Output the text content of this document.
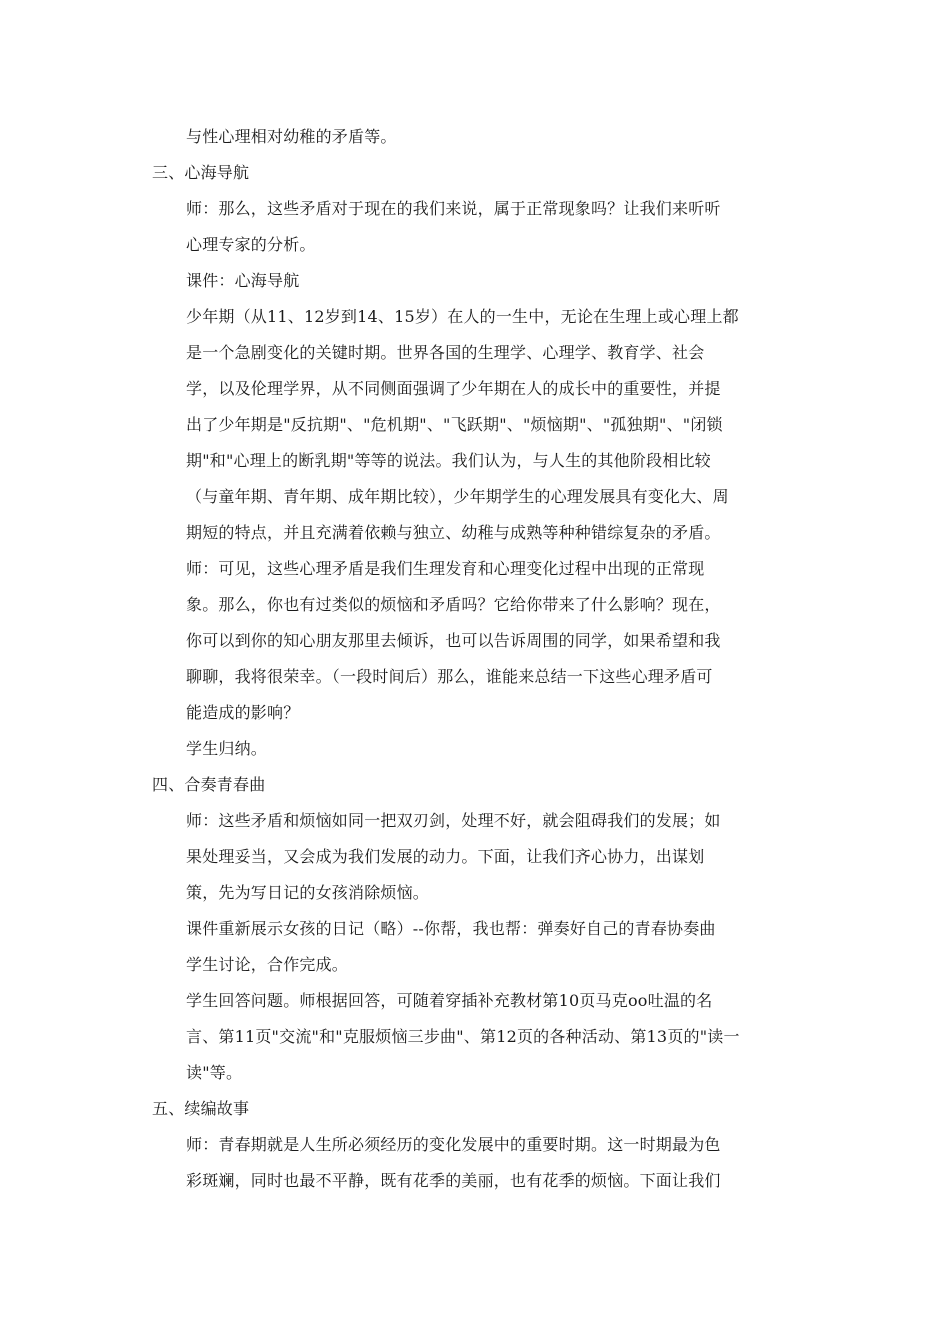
与性心理相对幼稚的矛盾等。
三、心海导航
师：那么，这些矛盾对于现在的我们来说，属于正常现象吗？让我们来听听
心理专家的分析。
课件：心海导航
少年期（从11、12岁到14、15岁）在人的一生中，无论在生理上或心理上都
是一个急剧变化的关键时期。世界各国的生理学、心理学、教育学、社会
学，以及伦理学界，从不同侧面强调了少年期在人的成长中的重要性，并提
出了少年期是"反抗期"、"危机期"、"飞跃期"、"烦恼期"、"孤独期"、"闭锁
期"和"心理上的断乳期"等等的说法。我们认为，与人生的其他阶段相比较
（与童年期、青年期、成年期比较），少年期学生的心理发展具有变化大、周
期短的特点，并且充满着依赖与独立、幼稚与成熟等种种错综复杂的矛盾。
师：可见，这些心理矛盾是我们生理发育和心理变化过程中出现的正常现
象。那么，你也有过类似的烦恼和矛盾吗？它给你带来了什么影响？现在，
你可以到你的知心朋友那里去倾诉，也可以告诉周围的同学，如果希望和我
聊聊，我将很荣幸。（一段时间后）那么，谁能来总结一下这些心理矛盾可
能造成的影响？
学生归纳。
四、合奏青春曲
师：这些矛盾和烦恼如同一把双刃剑，处理不好，就会阻碍我们的发展；如
果处理妥当，又会成为我们发展的动力。下面，让我们齐心协力，出谋划
策，先为写日记的女孩消除烦恼。
课件重新展示女孩的日记（略）--你帮，我也帮：弹奏好自己的青春协奏曲
学生讨论，合作完成。
学生回答问题。师根据回答，可随着穿插补充教材第10页马克oo吐温的名
言、第11页"交流"和"克服烦恼三步曲"、第12页的各种活动、第13页的"读一
读"等。
五、续编故事
师：青春期就是人生所必须经历的变化发展中的重要时期。这一时期最为色
彩斑斓，同时也最不平静，既有花季的美丽，也有花季的烦恼。下面让我们
